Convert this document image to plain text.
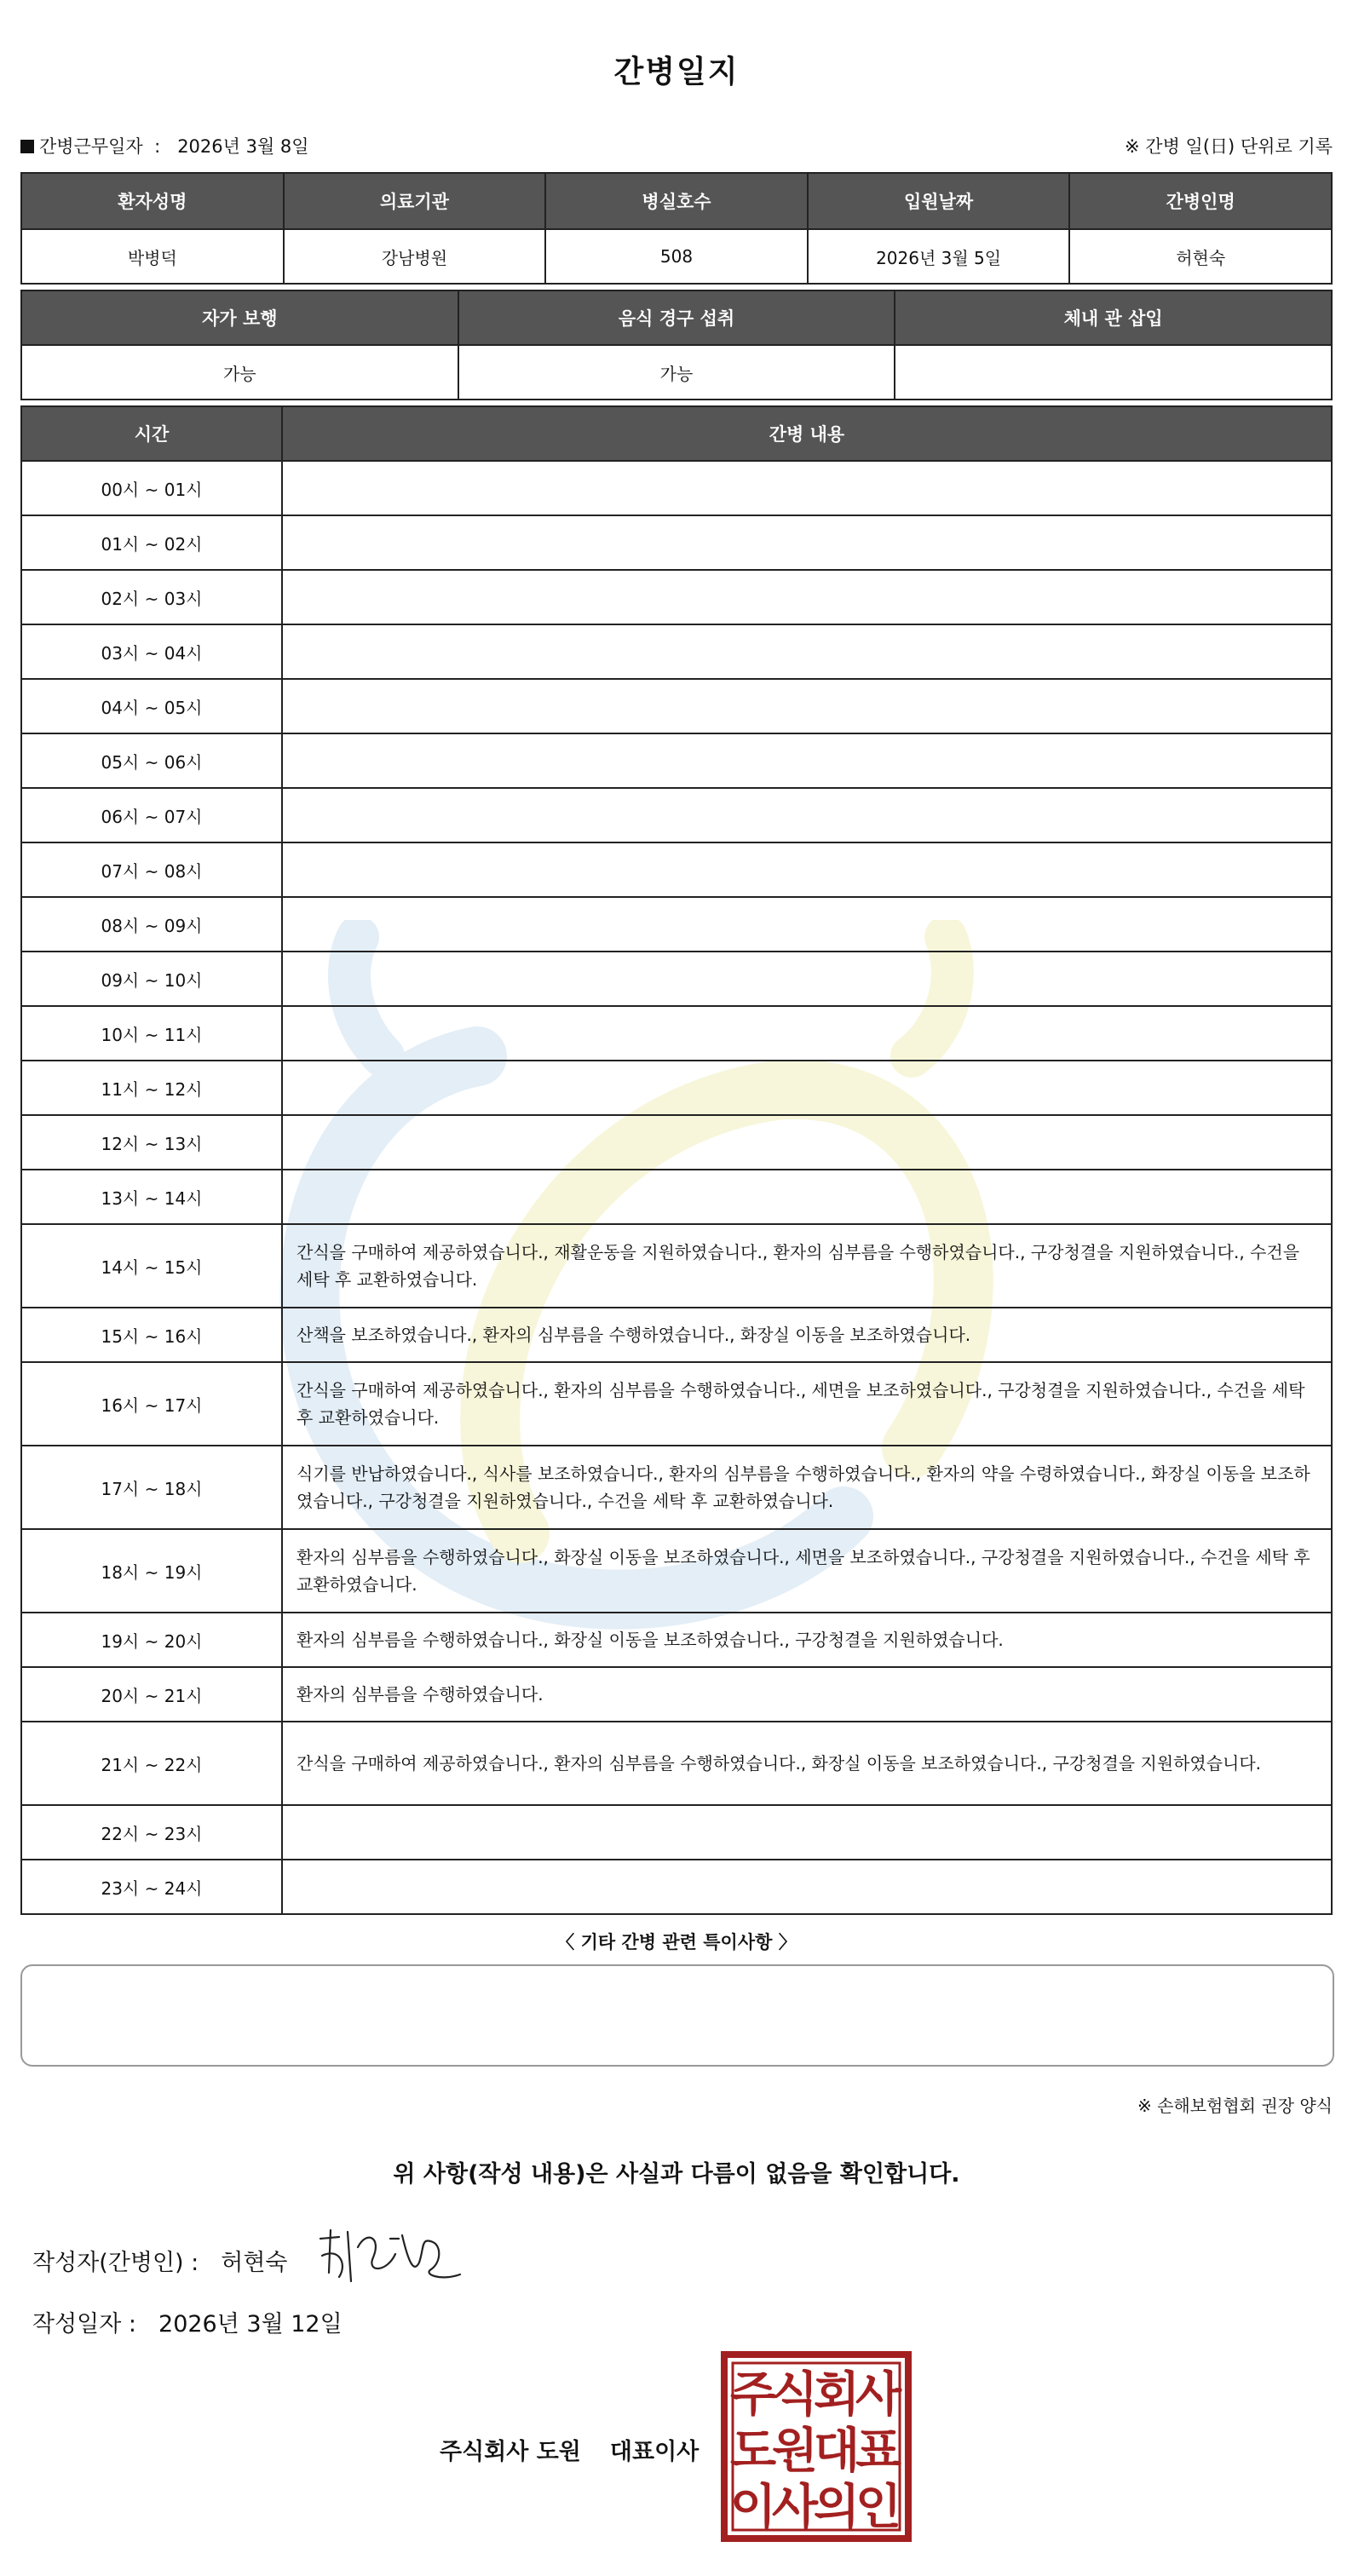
간병일지
간병근무일자 : 2026년 3월 8일	※ 간병 일(日) 단위로 기록
환자성명	의료기관	병실호수	입원날짜	간병인명
박병덕	강남병원	508	2026년 3월 5일	허현숙
자가 보행	음식 경구 섭취	체내 관 삽입
가능	가능	
시간	간병 내용
00시 ~ 01시	
01시 ~ 02시	
02시 ~ 03시	
03시 ~ 04시	
04시 ~ 05시	
05시 ~ 06시	
06시 ~ 07시	
07시 ~ 08시	
08시 ~ 09시	
09시 ~ 10시	
10시 ~ 11시	
11시 ~ 12시	
12시 ~ 13시	
13시 ~ 14시	
14시 ~ 15시	간식을 구매하여 제공하였습니다., 재활운동을 지원하였습니다., 환자의 심부름을 수행하였습니다., 구강청결을 지원하였습니다., 수건을 세탁 후 교환하였습니다.
15시 ~ 16시	산책을 보조하였습니다., 환자의 심부름을 수행하였습니다., 화장실 이동을 보조하였습니다.
16시 ~ 17시	간식을 구매하여 제공하였습니다., 환자의 심부름을 수행하였습니다., 세면을 보조하였습니다., 구강청결을 지원하였습니다., 수건을 세탁 후 교환하였습니다.
17시 ~ 18시	식기를 반납하였습니다., 식사를 보조하였습니다., 환자의 심부름을 수행하였습니다., 환자의 약을 수령하였습니다., 화장실 이동을 보조하였습니다., 구강청결을 지원하였습니다., 수건을 세탁 후 교환하였습니다.
18시 ~ 19시	환자의 심부름을 수행하였습니다., 화장실 이동을 보조하였습니다., 세면을 보조하였습니다., 구강청결을 지원하였습니다., 수건을 세탁 후 교환하였습니다.
19시 ~ 20시	환자의 심부름을 수행하였습니다., 화장실 이동을 보조하였습니다., 구강청결을 지원하였습니다.
20시 ~ 21시	환자의 심부름을 수행하였습니다.
21시 ~ 22시	간식을 구매하여 제공하였습니다., 환자의 심부름을 수행하였습니다., 화장실 이동을 보조하였습니다., 구강청결을 지원하였습니다.
22시 ~ 23시	
23시 ~ 24시	
〈 기타 간병 관련 특이사항 〉
※ 손해보험협회 권장 양식
위 사항(작성 내용)은 사실과 다름이 없음을 확인합니다.
작성자(간병인) : 허현숙
작성일자 : 2026년 3월 12일
주식회사 도원 대표이사
주
식
회
사
도
원
대
표
이
사
의
인
